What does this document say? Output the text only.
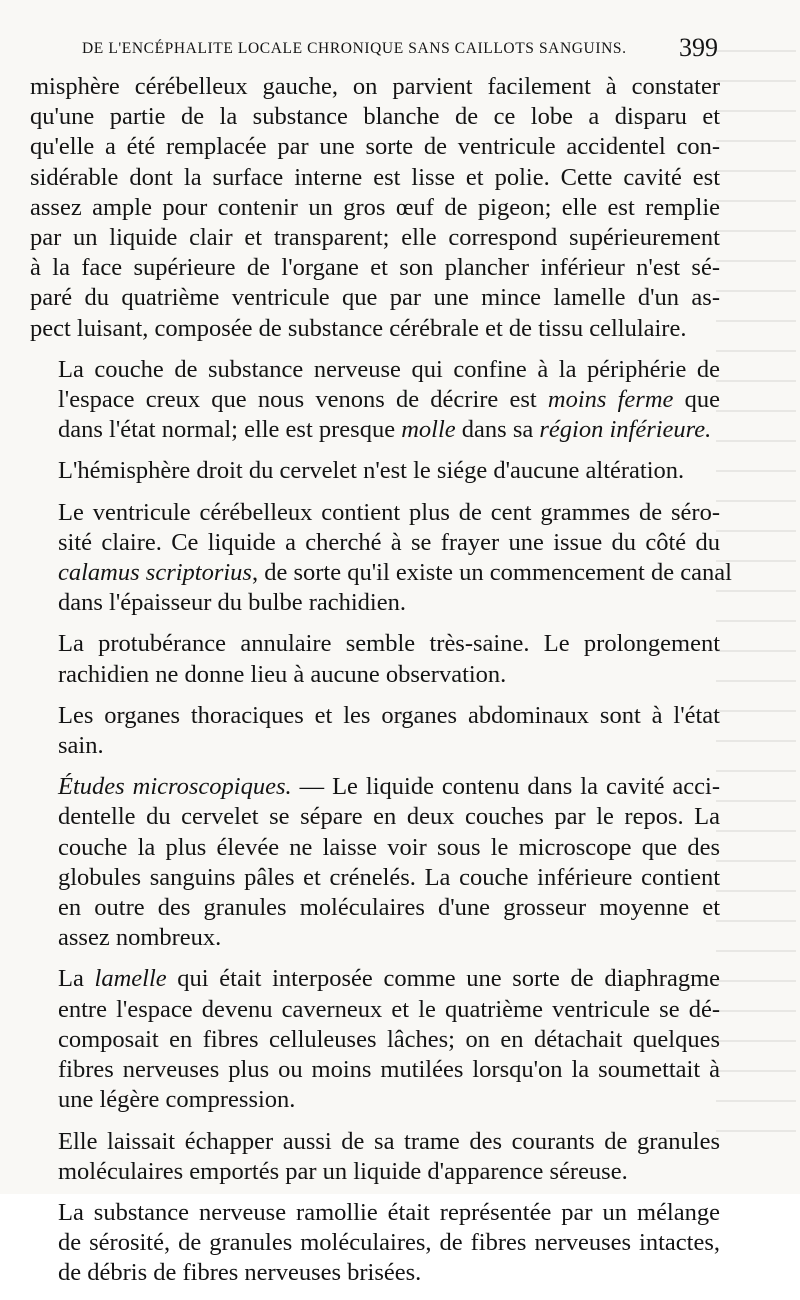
DE L'ENCÉPHALITE LOCALE CHRONIQUE SANS CAILLOTS SANGUINS. 399
misphère cérébelleux gauche, on parvient facilement à constater
qu'une partie de la substance blanche de ce lobe a disparu et
qu'elle a été remplacée par une sorte de ventricule accidentel con-
sidérable dont la surface interne est lisse et polie. Cette cavité est
assez ample pour contenir un gros œuf de pigeon; elle est remplie
par un liquide clair et transparent; elle correspond supérieurement
à la face supérieure de l'organe et son plancher inférieur n'est sé-
paré du quatrième ventricule que par une mince lamelle d'un as-
pect luisant, composée de substance cérébrale et de tissu cellulaire.
La couche de substance nerveuse qui confine à la périphérie de
l'espace creux que nous venons de décrire est moins ferme que
dans l'état normal; elle est presque molle dans sa région inférieure.
L'hémisphère droit du cervelet n'est le siége d'aucune altération.
Le ventricule cérébelleux contient plus de cent grammes de séro-
sité claire. Ce liquide a cherché à se frayer une issue du côté du
calamus scriptorius, de sorte qu'il existe un commencement de canal
dans l'épaisseur du bulbe rachidien.
La protubérance annulaire semble très-saine. Le prolongement
rachidien ne donne lieu à aucune observation.
Les organes thoraciques et les organes abdominaux sont à l'état
sain.
Études microscopiques. — Le liquide contenu dans la cavité acci-
dentelle du cervelet se sépare en deux couches par le repos. La
couche la plus élevée ne laisse voir sous le microscope que des
globules sanguins pâles et crénelés. La couche inférieure contient
en outre des granules moléculaires d'une grosseur moyenne et
assez nombreux.
La lamelle qui était interposée comme une sorte de diaphragme
entre l'espace devenu caverneux et le quatrième ventricule se dé-
composait en fibres celluleuses lâches; on en détachait quelques
fibres nerveuses plus ou moins mutilées lorsqu'on la soumettait à
une légère compression.
Elle laissait échapper aussi de sa trame des courants de granules
moléculaires emportés par un liquide d'apparence séreuse.
La substance nerveuse ramollie était représentée par un mélange
de sérosité, de granules moléculaires, de fibres nerveuses intactes,
de débris de fibres nerveuses brisées.
